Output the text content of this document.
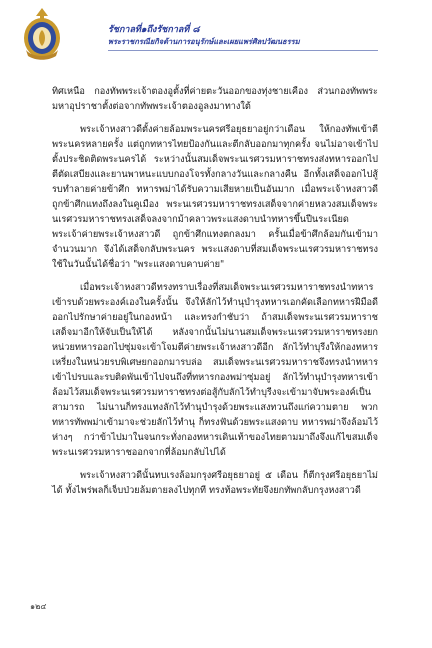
รัชกาลที่๑ถึงรัชกาลที่ ๘
พระราชกรณียกิจด้านการอนุรักษ์และเผยแพร่ศิลปวัฒนธรรม

ทิศเหนือ กองทัพพระเจ้าตองอูตั้งที่ค่ายตะวันออกของทุ่งชายเคือง ส่วนกองทัพพระมหาอุปราชาตั้งต่อจากทัพพระเจ้าตองอูลงมาทางใต้

พระเจ้าหงสาวดีตั้งค่ายล้อมพระนครศรีอยุธยาอยู่กว่าเดือน ให้กองทัพเข้าตีพระนครหลายครั้ง แต่ถูกทหารไทยป้องกันและตีกลับออกมาทุกครั้ง จนไม่อาจเข้าไปตั้งประชิดติดพระนครได้ ระหว่างนั้นสมเด็จพระนเรศวรมหาราชทรงส่งทหารออกไปตีตัดเสบียงและยานพาหนะแบบกองโจรทั้งกลางวันและกลางคืน อีกทั้งเสด็จออกไปสู้รบทำลายค่ายข้าศึก ทหารพม่าได้รับความเสียหายเป็นอันมาก เมื่อพระเจ้าหงสาวดีถูกข้าศึกแทงถึงลงในคูเมือง พระนเรศวรมหาราชทรงเสด็จจากค่ายหลวงสมเด็จพระนเรศวรมหาราชทรงเสด็จลงจากม้าคลาวพระแสงดาบนำทหารขึ้นปีนระเนียดพระเจ้าค่ายพระเจ้าหงสาวดี ถูกข้าศึกแทงตกลงมา ครั้นเมื่อข้าศึกล้อมกันเข้ามาจำนวนมาก จึงได้เสด็จกลับพระนคร พระแสงดาบที่สมเด็จพระนเรศวรมหาราชทรงใช้ในวันนั้นได้ชื่อว่า "พระแสงดาบคาบค่าย"

เมื่อพระเจ้าหงสาวดีทรงทราบเรื่องที่สมเด็จพระนเรศวรมหาราชทรงนำทหารเข้ารบด้วยพระองค์เองในครั้งนั้น จึงให้ลักไว้ทำนุบำรุงทหารเอกคัดเลือกทหารฝีมือดีออกไปรักษาค่ายอยู่ในกองหน้า และทรงกำชับว่า ถ้าสมเด็จพระนเรศวรมหาราชเสด็จมาอีกให้จับเป็นให้ได้ หลังจากนั้นไม่นานสมเด็จพระนเรศวรมหาราชทรงยกหน่วยทหารออกไปซุ่มจะเข้าโจมตีค่ายพระเจ้าหงสาวดีอีก ลักไว้ทำบุรีงให้กองทหารเหรี่ยงในหน่วยรบพิเศษยกออกมารบล่อ สมเด็จพระนเรศวรมหาราชจึงทรงนำทหารเข้าไปรบและรบติดพันเข้าไปจนถึงที่ทหารกองพม่าซุ่มอยู่ ลักไว้ทำนุบำรุงทหารเข้าล้อมไว้สมเด็จพระนเรศวรมหาราชทรงต่อสู้กับลักไว้ทำบุรีงจะเข้ามาจับพระองค์เป็นสามารถ ไม่นานก็ทรงแทงลักไว้ทำนุบำรุงด้วยพระแสงทวนถึงแก่ความตาย พวกทหารทัพพม่าเข้ามาจะช่วยลักไว้ทำนุ ก็ทรงฟันด้วยพระแสงดาบ ทหารพม่าจึงล้อมไว้ห่างๆ กว่าข้าไปมาในจนกระทั่งกองทหารเดินเท้าของไทยตามมาถึงจึงแก้ไขสมเด็จพระนเรศวรมหาราชออกจากที่ล้อมกลับไปได้

พระเจ้าหงสาวดีนั้นทบเรงล้อมกรุงศรีอยุธยาอยู่ ๕ เดือน ก็ตีกรุงศรีอยุธยาไม่ได้ ทั้งไพร่พลก็เจ็บป่วยล้มตายลงไปทุกที ทรงท้อพระทัยจึงยกทัพกลับกรุงหงสาวดี

๑๒๔
